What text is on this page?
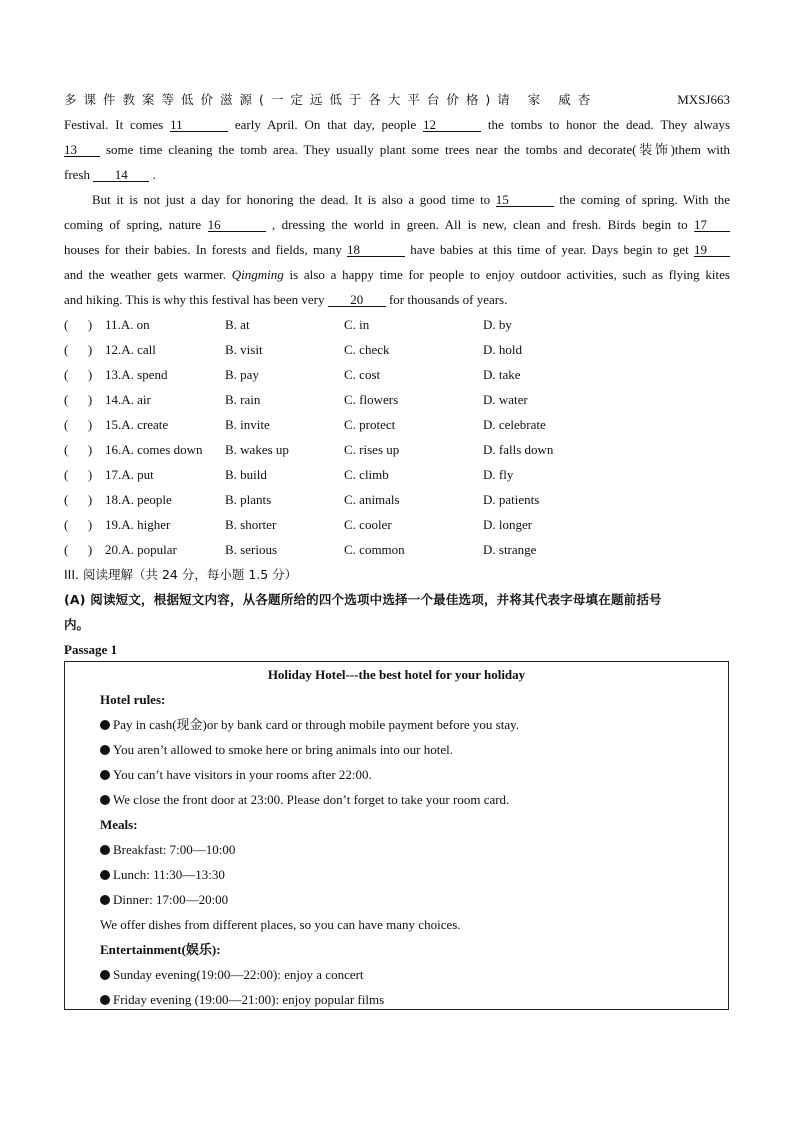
多课件教案等低价滋源(一定远低于各大平台价格)请 家 威杏	MXSJ663
Festival. It comes 11	early April. On that day, people 12	the tombs to honor the dead. They always
13 some time cleaning the tomb area. They usually plant some trees near the tombs and decorate(装饰)them with
fresh 14 .
But it is not just a day for honoring the dead. It is also a good time to 15	the coming of spring. With the
coming of spring, nature 16	, dressing the world in green. All is new, clean and fresh. Birds begin to 17
houses for their babies. In forests and fields, many 18	have babies at this time of year. Days begin to get 19
and the weather gets warmer. Qingming is also a happy time for people to enjoy outdoor activities, such as flying kites
and hiking. This is why this festival has been very 20 for thousands of years.
(      ) 11.A. on	B. at	C. in	D. by
(      ) 12.A. call	B. visit	C. check	D. hold
(      ) 13.A. spend	B. pay	C. cost	D. take
(      ) 14.A. air	B. rain	C. flowers	D. water
(      ) 15.A. create	B. invite	C. protect	D. celebrate
(      ) 16.A. comes down B. wakes up	C. rises up	D. falls down
(      ) 17.A. put	B. build	C. climb	D. fly
(      ) 18.A. people	B. plants	C. animals	D. patients
(      ) 19.A. higher	B. shorter	C. cooler	D. longer
(      ) 20.A. popular	B. serious	C. common	D. strange
III. 阅读理解（共 24 分，每小题 1.5 分）
(A) 阅读短文，根据短文内容，从各题所给的四个选项中选择一个最佳选项，并将其代表字母填在题前括号
内。
Passage 1
Holiday Hotel---the best hotel for your holiday
Hotel rules:
Pay in cash(现金)or by bank card or through mobile payment before you stay.
You aren’t allowed to smoke here or bring animals into our hotel.
You can’t have visitors in your rooms after 22:00.
We close the front door at 23:00. Please don’t forget to take your room card.
Meals:
Breakfast: 7:00—10:00
Lunch: 11:30—13:30
Dinner: 17:00—20:00
We offer dishes from different places, so you can have many choices.
Entertainment(娱乐):
Sunday evening(19:00—22:00): enjoy a concert
Friday evening (19:00—21:00): enjoy popular films
